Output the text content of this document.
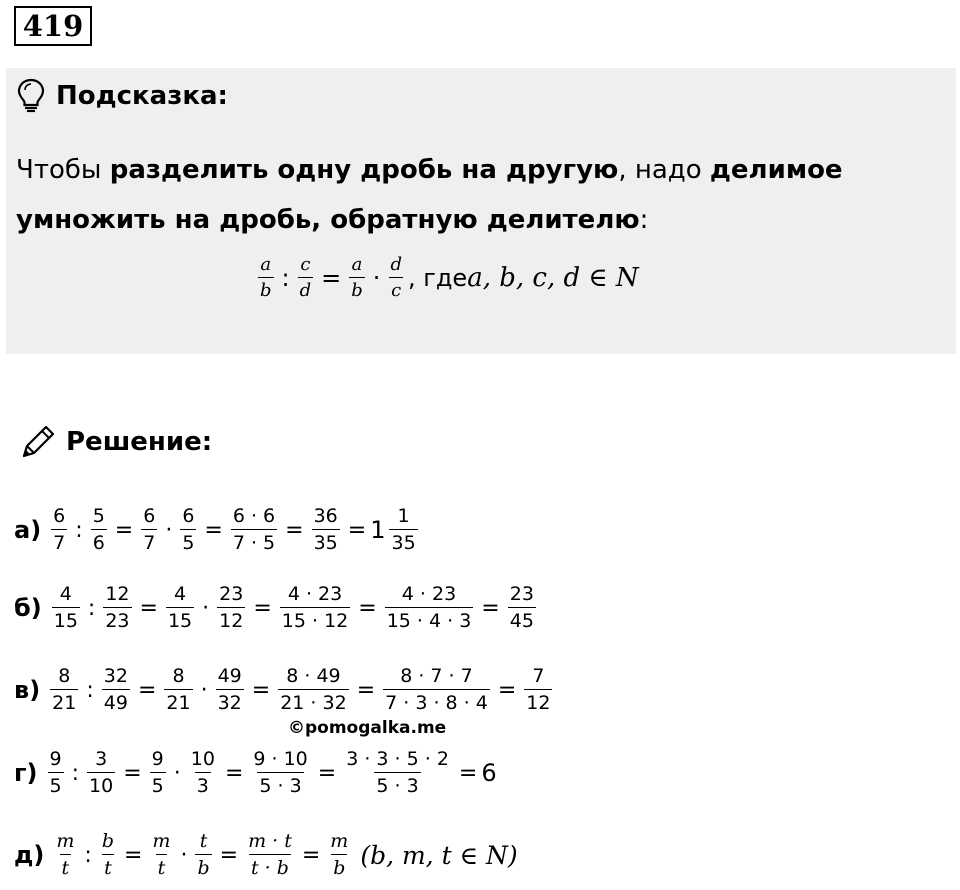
419
Подсказка:
Чтобы разделить одну дробь на другую, надо делимое умножить на дробь, обратную делителю:
$\frac{a}{b}$ : $\frac{c}{d} = \frac{a}{b} \cdot \frac{d}{c}$ , где a, b, c, d ∈ N
Решение:
$а) \frac{6}{7}$ : $\frac{5}{6} = \frac{6}{7} \cdot \frac{6}{5} = \frac{6 \cdot 6}{7 \cdot 5} = \frac{36}{35} = 1 \frac{1}{35}$
$б) \frac{4}{15}$ : $\frac{12}{23} = \frac{4}{15} \cdot \frac{23}{12} = \frac{4 \cdot 23}{15 \cdot 12} = \frac{4 \cdot 23}{15 \cdot 4 \cdot 3} = \frac{23}{45}$
$в) \frac{8}{21}$ : $\frac{32}{49} = \frac{8}{21} \cdot \frac{49}{32} = \frac{8 \cdot 49}{21 \cdot 32} = \frac{8 \cdot 7 \cdot 7}{7 \cdot 3 \cdot 8 \cdot 4} = \frac{7}{12}$
©pomogalka.me
$г) \frac{9}{5}$ : $\frac{3}{10} = \frac{9}{5} \cdot \frac{10}{3} = \frac{9 \cdot 10}{5 \cdot 3} = \frac{3 \cdot 3 \cdot 5 \cdot 2}{5 \cdot 3} = 6$
$д) \frac{m}{t}$ : $\frac{b}{t} = \frac{m}{t} \cdot \frac{t}{b} = \frac{m \cdot t}{t \cdot b} = \frac{m}{b} (b$, m, t ∈ N)
